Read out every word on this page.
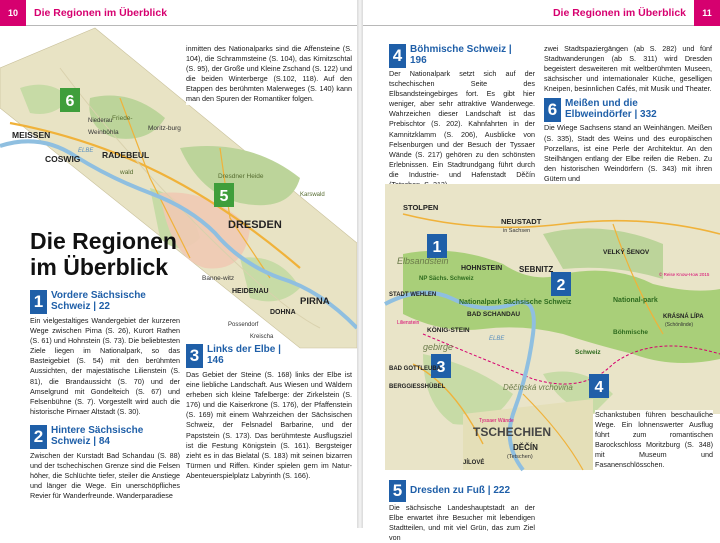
10	Die Regionen im Überblick
6
5
MEISSEN
COSWIG	RADEBEUL
DRESDEN
PIRNA
HEIDENAU
DOHNA
Niederau
Weinböhla
Moritz-burg
Friede-
wald
ELBE
Dresdner Heide
Karswald
Banne-witz
Possendorf
Kreischa
Die Regionen
im Überblick
1 Vordere Sächsische Schweiz | 22

Ein vielgestaltiges Wandergebiet der kurzeren Wege zwischen Pirna (S. 26), Kurort Rathen (S. 61) und Hohnstein (S. 73). Die beliebtesten Ziele liegen im Nationalpark, so das Basteigebiet (S. 54) mit den berühmten Aussichten, der majestätische Lilienstein (S. 81), die Brandaussicht (S. 70) und der Amselgrund mit Gondelteich (S. 67) und Felsenbühne (S. 7). Vorgestellt wird auch die historische Pirnaer Altstadt (S. 30).

2 Hintere Sächsische Schweiz | 84

Zwischen der Kurstadt Bad Schandau (S. 88) und der tschechischen Grenze sind die Felsen höher, die Schlüchte tiefer, steiler die Anstiege und länger die Wege. Ein unerschöpfliches Revier für Wanderfreunde. Wanderparadiese

inmitten des Nationalparks sind die Affensteine (S. 104), die Schrammsteine (S. 104), das Kirnitzschtal (S. 95), der Große und Kleine Zschand (S. 122) und die beiden Winterberge (S.102, 118). Auf den Etappen des berühmten Malerweges (S. 140) kann man den Spuren der Romantiker folgen.

3 Links der Elbe | 146

Das Gebiet der Steine (S. 168) links der Elbe ist eine liebliche Landschaft. Aus Wiesen und Wäldern erheben sich kleine Tafelberge: der Zirkelstein (S. 176) und die Kaiserkrone (S. 176), der Pfaffenstein (S. 169) mit einem Wahrzeichen der Sächsischen Schweiz, der Felsnadel Barbarine, und der Papststein (S. 173). Das berühmteste Ausflugsziel ist die Festung Königstein (S. 161). Bergsteiger zieht es in das Bielatal (S. 183) mit seinen bizarren Türmen und Riffen. Kinder spielen gern im Natur-Abenteuerspielplatz Labyrinth (S. 166).

Die Regionen im Überblick	11
4 Böhmische Schweiz | 196

Der Nationalpark setzt sich auf der tschechischen Seite des Elbsandsteingebirges fort. Es gibt hier weniger, aber sehr attraktive Wanderwege. Wahrzeichen dieser Landschaft ist das Prebischtor (S. 202). Kahnfahrten in der Kamnitzklamm (S. 206), Ausblicke von Felsenburgen und der Besuch der Tyssaer Wände (S. 217) gehören zu den schönsten Erlebnissen. Ein Stadtrundgang führt durch die Industrie- und Hafenstadt Děčín

zwei Stadtspaziergängen (ab S. 282) und fünf Stadtwanderungen (ab S. 311) wird Dresden begeistert desweiteren mit weltberühmten Museen, sächsischer und internationaler Küche, geselligen Kneipen, besinnlichen Cafés, mit Musik und Theater.

6 Meißen und die Elbweindörfer | 332

Die Wiege Sachsens stand an Weinhängen. Meißen (S. 335), Stadt des Weins und des europäischen Porzellans, ist eine Perle der Architektur. An den Steilhängen entlang der Elbe reifen die Reben. Zu den historischen Weindörfern (S. 343) mit ihren Gütern und

1
2
3
4
STOLPEN
NEUSTADT
in Sachsen
HOHNSTEIN SEBNITZ
VELKÝ ŠENOV
STADT WEHLEN
BAD SCHANDAU
KÖNIG-STEIN
BAD GOTTLEUBA
BERGGIESSHÜBEL
TSCHECHIEN
DĚČÍN
(Tetschen)
JÍLOVÉ
Nationalpark Sächsische Schweiz	National-park
Böhmische
Schweiz
NP Sächs. Schweiz
KRÁSNÁ LÍPA
(Schönlinde)
ELBE
Elbsandstein
gebirge
Děčínská vrchovina
Tyssaer Wände
Lilienstein
© Reise Know-How 2015

Schankstuben führen beschauliche Wege. Ein lohnenswerter Ausflug führt zum romantischen Barockschloss Moritzburg (S. 348) mit Museum und Fasanenschlösschen.

5 Dresden zu Fuß | 222

Die sächsische Landeshauptstadt an der Elbe erwartet ihre Besucher mit lebendigen Stadtteilen, und mit viel Grün, das zum Ziel von
